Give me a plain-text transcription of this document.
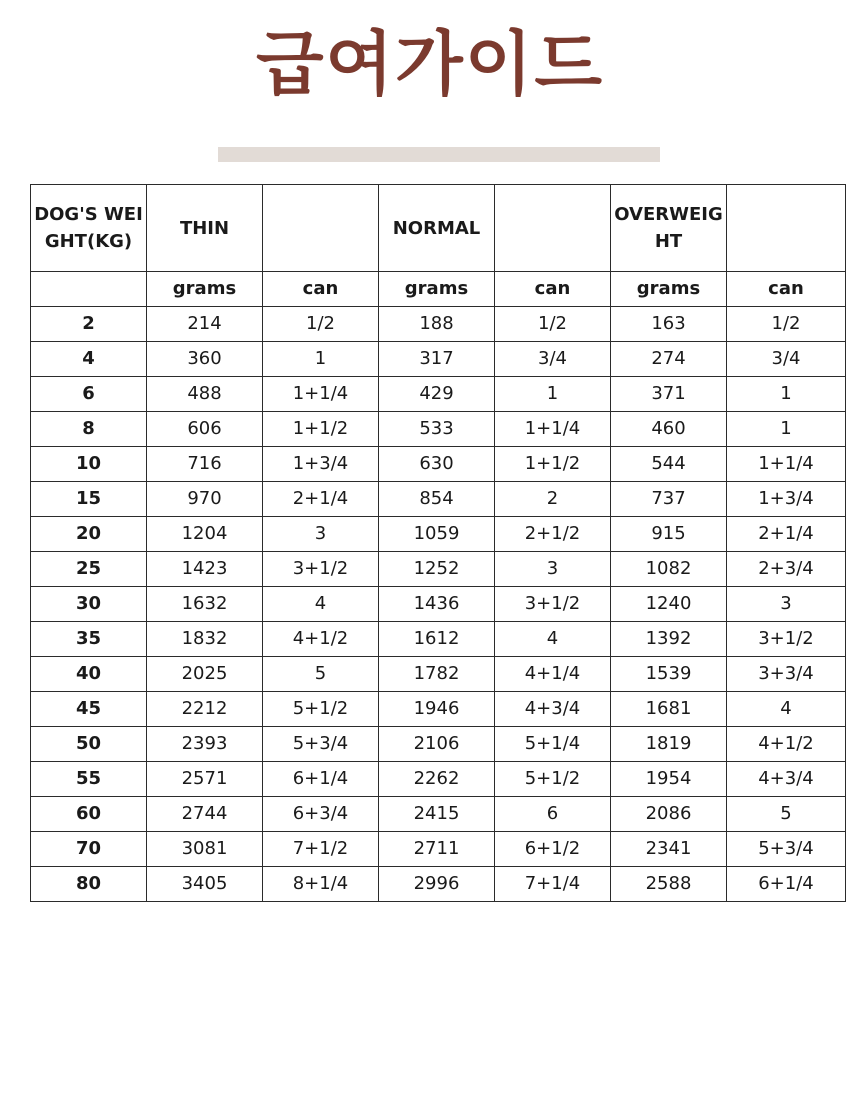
급여가이드
DOG'S WEIGHT(KG)	THIN		NORMAL		OVERWEIGHT	
	grams	can	grams	can	grams	can
2	214	1/2	188	1/2	163	1/2
4	360	1	317	3/4	274	3/4
6	488	1+1/4	429	1	371	1
8	606	1+1/2	533	1+1/4	460	1
10	716	1+3/4	630	1+1/2	544	1+1/4
15	970	2+1/4	854	2	737	1+3/4
20	1204	3	1059	2+1/2	915	2+1/4
25	1423	3+1/2	1252	3	1082	2+3/4
30	1632	4	1436	3+1/2	1240	3
35	1832	4+1/2	1612	4	1392	3+1/2
40	2025	5	1782	4+1/4	1539	3+3/4
45	2212	5+1/2	1946	4+3/4	1681	4
50	2393	5+3/4	2106	5+1/4	1819	4+1/2
55	2571	6+1/4	2262	5+1/2	1954	4+3/4
60	2744	6+3/4	2415	6	2086	5
70	3081	7+1/2	2711	6+1/2	2341	5+3/4
80	3405	8+1/4	2996	7+1/4	2588	6+1/4
